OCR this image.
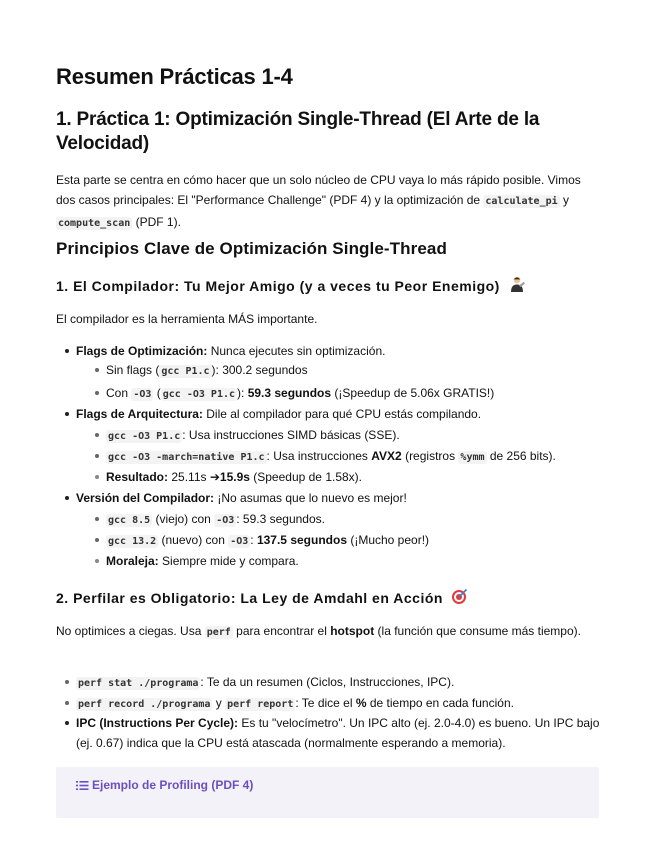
Resumen Prácticas 1-4
1. Práctica 1: Optimización Single-Thread (El Arte de la Velocidad)
Esta parte se centra en cómo hacer que un solo núcleo de CPU vaya lo más rápido posible. Vimos dos casos principales: El "Performance Challenge" (PDF 4) y la optimización de calculate_pi y compute_scan (PDF 1).
Principios Clave de Optimización Single-Thread
1. El Compilador: Tu Mejor Amigo (y a veces tu Peor Enemigo)
El compilador es la herramienta MÁS importante.
Flags de Optimización: Nunca ejecutes sin optimización.
Sin flags ( gcc P1.c ): 300.2 segundos
Con -O3 ( gcc -O3 P1.c ): 59.3 segundos (¡Speedup de 5.06x GRATIS!)
Flags de Arquitectura: Dile al compilador para qué CPU estás compilando.
gcc -O3 P1.c : Usa instrucciones SIMD básicas (SSE).
gcc -O3 -march=native P1.c : Usa instrucciones AVX2 (registros %ymm de 256 bits).
Resultado: 25.11s ➔15.9s (Speedup de 1.58x).
Versión del Compilador: ¡No asumas que lo nuevo es mejor!
gcc 8.5 (viejo) con -O3 : 59.3 segundos.
gcc 13.2 (nuevo) con -O3 : 137.5 segundos (¡Mucho peor!)
Moraleja: Siempre mide y compara.
2. Perfilar es Obligatorio: La Ley de Amdahl en Acción
No optimices a ciegas. Usa perf para encontrar el hotspot (la función que consume más tiempo).
perf stat ./programa : Te da un resumen (Ciclos, Instrucciones, IPC).
perf record ./programa y perf report : Te dice el % de tiempo en cada función.
IPC (Instructions Per Cycle): Es tu "velocímetro". Un IPC alto (ej. 2.0-4.0) es bueno. Un IPC bajo (ej. 0.67) indica que la CPU está atascada (normalmente esperando a memoria).
Ejemplo de Profiling (PDF 4)
